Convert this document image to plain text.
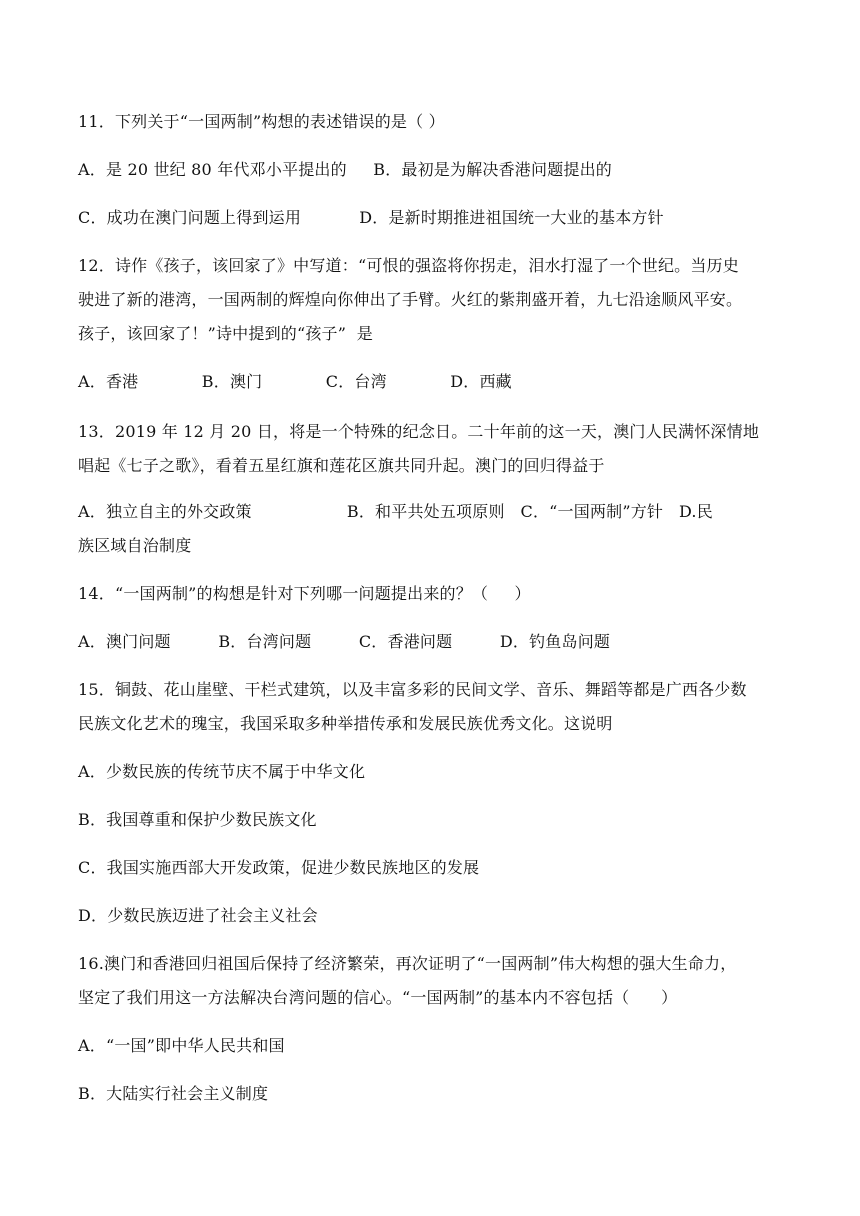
11．下列关于“一国两制”构想的表述错误的是（ ）
A．是 20 世纪 80 年代邓小平提出的     B．最初是为解决香港问题提出的
C．成功在澳门问题上得到运用           D．是新时期推进祖国统一大业的基本方针
12．诗作《孩子，该回家了》中写道：“可恨的强盗将你拐走，泪水打湿了一个世纪。当历史
驶进了新的港湾，一国两制的辉煌向你伸出了手臂。火红的紫荆盛开着，九七沿途顺风平安。
孩子，该回家了！”诗中提到的“孩子”  是
A．香港            B．澳门            C．台湾            D．西藏
13．2019 年 12 月 20 日，将是一个特殊的纪念日。二十年前的这一天，澳门人民满怀深情地
唱起《七子之歌》，看着五星红旗和莲花区旗共同升起。澳门的回归得益于
A．独立自主的外交政策                  B．和平共处五项原则   C．“一国两制”方针   D.民
族区域自治制度
14．“一国两制”的构想是针对下列哪一问题提出来的？（     ）
A．澳门问题         B．台湾问题         C．香港问题         D．钓鱼岛问题
15．铜鼓、花山崖壁、干栏式建筑，以及丰富多彩的民间文学、音乐、舞蹈等都是广西各少数
民族文化艺术的瑰宝，我国采取多种举措传承和发展民族优秀文化。这说明
A．少数民族的传统节庆不属于中华文化
B．我国尊重和保护少数民族文化
C．我国实施西部大开发政策，促进少数民族地区的发展
D．少数民族迈进了社会主义社会
16.澳门和香港回归祖国后保持了经济繁荣，再次证明了“一国两制”伟大构想的强大生命力，
坚定了我们用这一方法解决台湾问题的信心。“一国两制”的基本内不容包括（      ）
A．“一国”即中华人民共和国
B．大陆实行社会主义制度
